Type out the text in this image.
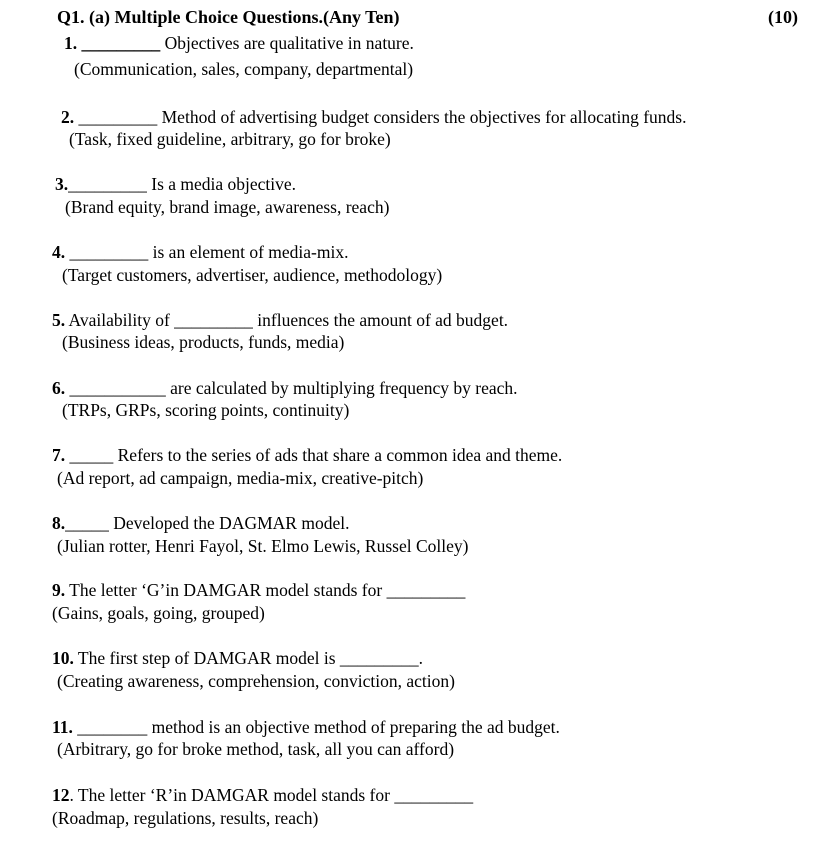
Q1. (a) Multiple Choice Questions.(Any Ten)	(10)
1. _________ Objectives are qualitative in nature.
(Communication, sales, company, departmental)
2. _________ Method of advertising budget considers the objectives for allocating funds.
(Task, fixed guideline, arbitrary, go for broke)
3._________ Is a media objective.
(Brand equity, brand image, awareness, reach)
4. _________ is an element of media-mix.
(Target customers, advertiser, audience, methodology)
5. Availability of _________ influences the amount of ad budget.
(Business ideas, products, funds, media)
6. ___________ are calculated by multiplying frequency by reach.
(TRPs, GRPs, scoring points, continuity)
7. _____ Refers to the series of ads that share a common idea and theme.
(Ad report, ad campaign, media-mix, creative-pitch)
8._____ Developed the DAGMAR model.
(Julian rotter, Henri Fayol, St. Elmo Lewis, Russel Colley)
9. The letter ‘G’in DAMGAR model stands for _________
(Gains, goals, going, grouped)
10. The first step of DAMGAR model is _________.
(Creating awareness, comprehension, conviction, action)
11. ________ method is an objective method of preparing the ad budget.
(Arbitrary, go for broke method, task, all you can afford)
12. The letter ‘R’in DAMGAR model stands for _________
(Roadmap, regulations, results, reach)
